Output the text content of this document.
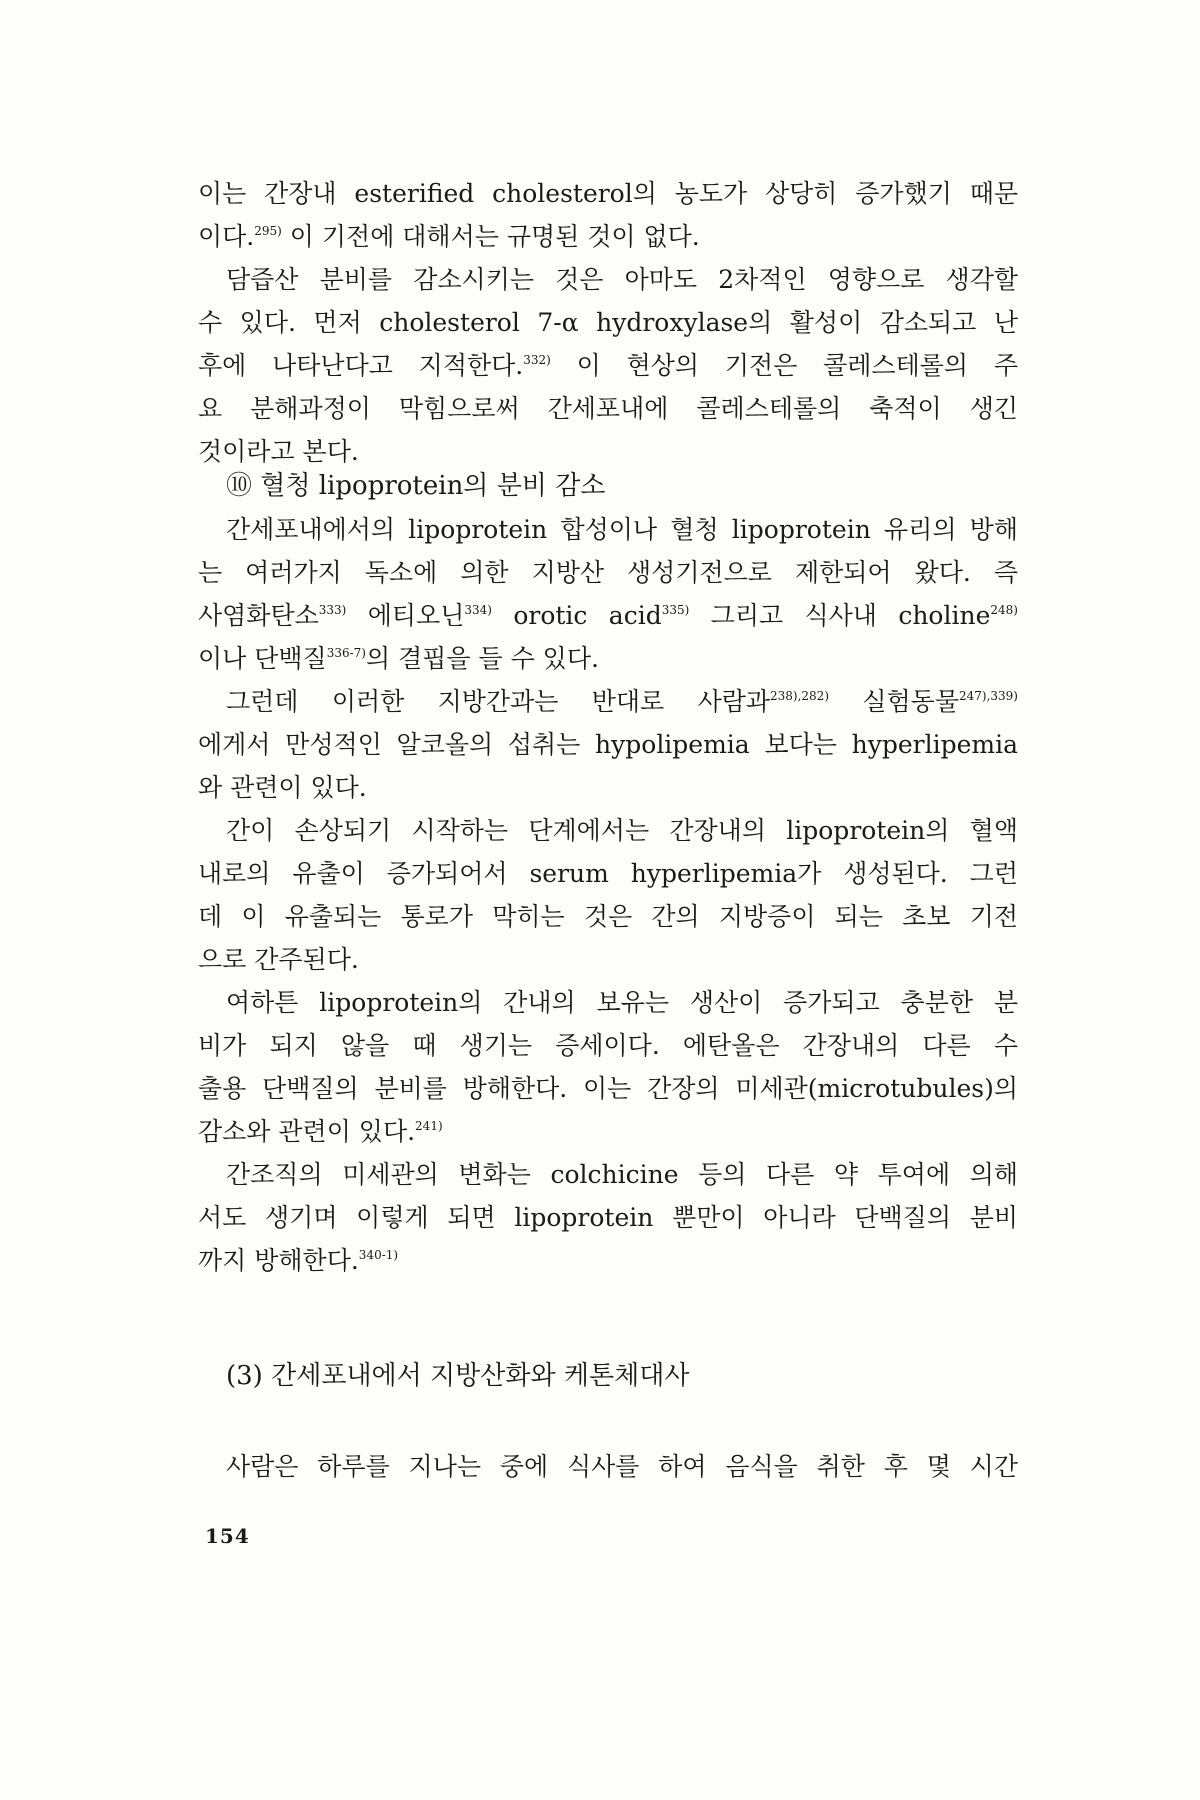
이는 간장내 esterified cholesterol의 농도가 상당히 증가했기 때문
이다.$^{295)}$ 이 기전에 대해서는 규명된 것이 없다.
담즙산 분비를 감소시키는 것은 아마도 2차적인 영향으로 생각할
수 있다. 먼저 cholesterol 7-α hydroxylase의 활성이 감소되고 난
후에 나타난다고 지적한다.$^{332)}$ 이 현상의 기전은 콜레스테롤의 주
요 분해과정이 막힘으로써 간세포내에 콜레스테롤의 축적이 생긴
것이라고 본다.
⑩ 혈청 lipoprotein의 분비 감소
간세포내에서의 lipoprotein 합성이나 혈청 lipoprotein 유리의 방해
는 여러가지 독소에 의한 지방산 생성기전으로 제한되어 왔다. 즉
사염화탄소$^{333)}$ 에티오닌$^{334)}$ orotic acid$^{335)}$ 그리고 식사내 choline$^{248)}$
이나 단백질$^{336-7)}$의 결핍을 들 수 있다.
그런데 이러한 지방간과는 반대로 사람과$^{238),282)}$ 실험동물$^{247),339)}$
에게서 만성적인 알코올의 섭취는 hypolipemia 보다는 hyperlipemia
와 관련이 있다.
간이 손상되기 시작하는 단계에서는 간장내의 lipoprotein의 혈액
내로의 유출이 증가되어서 serum hyperlipemia가 생성된다. 그런
데 이 유출되는 통로가 막히는 것은 간의 지방증이 되는 초보 기전
으로 간주된다.
여하튼 lipoprotein의 간내의 보유는 생산이 증가되고 충분한 분
비가 되지 않을 때 생기는 증세이다. 에탄올은 간장내의 다른 수
출용 단백질의 분비를 방해한다. 이는 간장의 미세관(microtubules)의
감소와 관련이 있다.$^{241)}$
간조직의 미세관의 변화는 colchicine 등의 다른 약 투여에 의해
서도 생기며 이렇게 되면 lipoprotein 뿐만이 아니라 단백질의 분비
까지 방해한다.$^{340-1)}$
(3) 간세포내에서 지방산화와 케톤체대사
사람은 하루를 지나는 중에 식사를 하여 음식을 취한 후 몇 시간
154
